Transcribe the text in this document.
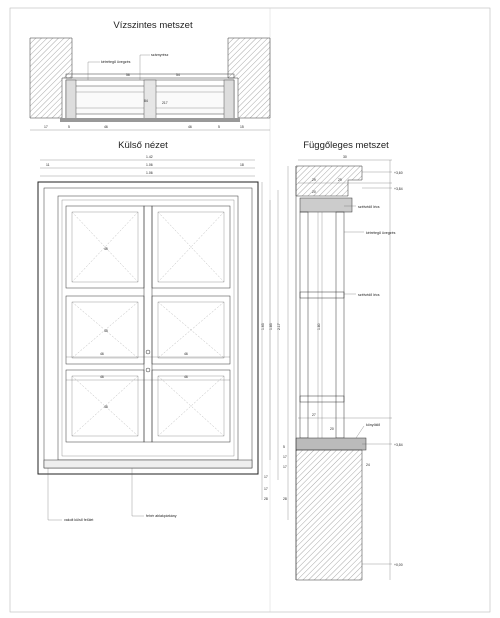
Vízszintes metszet
kétrétegű üvegzés
szárnyrész
56	54
84	217
17	5	46	46	5	15
Külső nézet
1.42
11	1.06	18
1.06
46	46
46	46
45
45
45
1.63 1.83 2.17
17
17
28
vakolt külső felület
fehér ablakpárkány
Függőleges metszet
30
1.80
27
20
24
+3,60
+3,84
+3,84
+0,00
szélvédő lécs
kétrétegű üvegzés
szélvédő lécs
könyöklő
5
17
17
28
